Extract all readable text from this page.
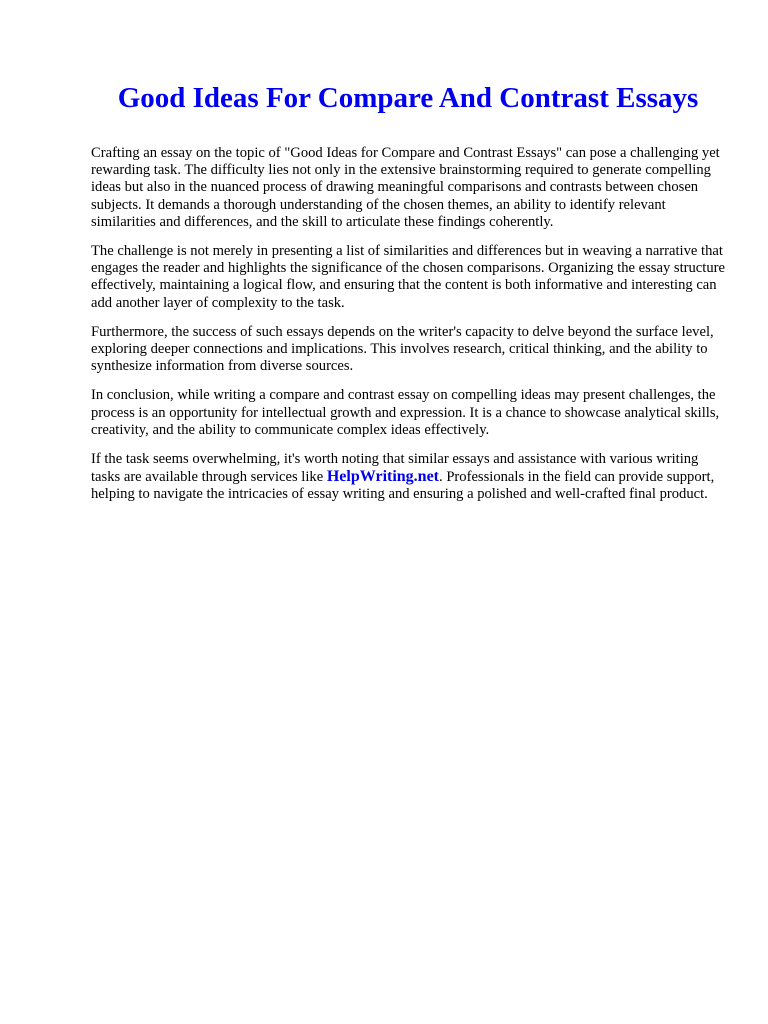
Good Ideas For Compare And Contrast Essays

Crafting an essay on the topic of "Good Ideas for Compare and Contrast Essays" can pose a challenging yet rewarding task. The difficulty lies not only in the extensive brainstorming required to generate compelling ideas but also in the nuanced process of drawing meaningful comparisons and contrasts between chosen subjects. It demands a thorough understanding of the chosen themes, an ability to identify relevant similarities and differences, and the skill to articulate these findings coherently.

The challenge is not merely in presenting a list of similarities and differences but in weaving a narrative that engages the reader and highlights the significance of the chosen comparisons. Organizing the essay structure effectively, maintaining a logical flow, and ensuring that the content is both informative and interesting can add another layer of complexity to the task.

Furthermore, the success of such essays depends on the writer's capacity to delve beyond the surface level, exploring deeper connections and implications. This involves research, critical thinking, and the ability to synthesize information from diverse sources.

In conclusion, while writing a compare and contrast essay on compelling ideas may present challenges, the process is an opportunity for intellectual growth and expression. It is a chance to showcase analytical skills, creativity, and the ability to communicate complex ideas effectively.

If the task seems overwhelming, it's worth noting that similar essays and assistance with various writing tasks are available through services like HelpWriting.net. Professionals in the field can provide support, helping to navigate the intricacies of essay writing and ensuring a polished and well-crafted final product.
